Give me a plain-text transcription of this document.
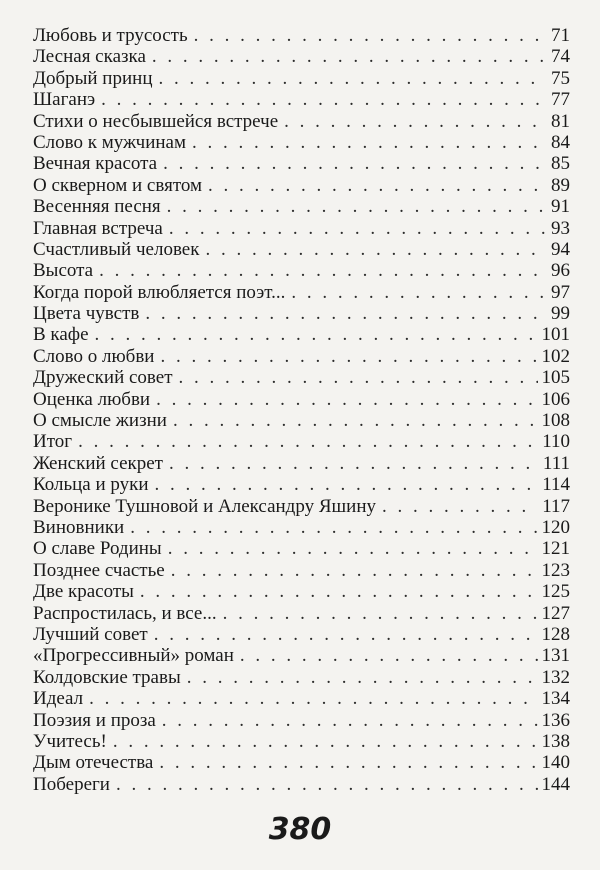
Любовь и трусость . . .	71
Лесная сказка . . .	74
Добрый принц . . .	75
Шаганэ . . .	77
Стихи о несбывшейся встрече . . .	81
Слово к мужчинам . . .	84
Вечная красота . . .	85
О скверном и святом . . .	89
Весенняя песня . . .	91
Главная встреча . . .	93
Счастливый человек . . .	94
Высота . . .	96
Когда порой влюбляется поэт... . . .	97
Цвета чувств . . .	99
В кафе . . .	101
Слово о любви . . .	102
Дружеский совет . . .	105
Оценка любви . . .	106
О смысле жизни . . .	108
Итог . . .	110
Женский секрет . . .	111
Кольца и руки . . .	114
Веронике Тушновой и Александру Яшину . . .	117
Виновники . . .	120
О славе Родины . . .	121
Позднее счастье . . .	123
Две красоты . . .	125
Распростилась, и все... . . .	127
Лучший совет . . .	128
«Прогрессивный» роман . . .	131
Колдовские травы . . .	132
Идеал . . .	134
Поэзия и проза . . .	136
Учитесь! . . .	138
Дым отечества . . .	140
Побереги . . .	144
380
